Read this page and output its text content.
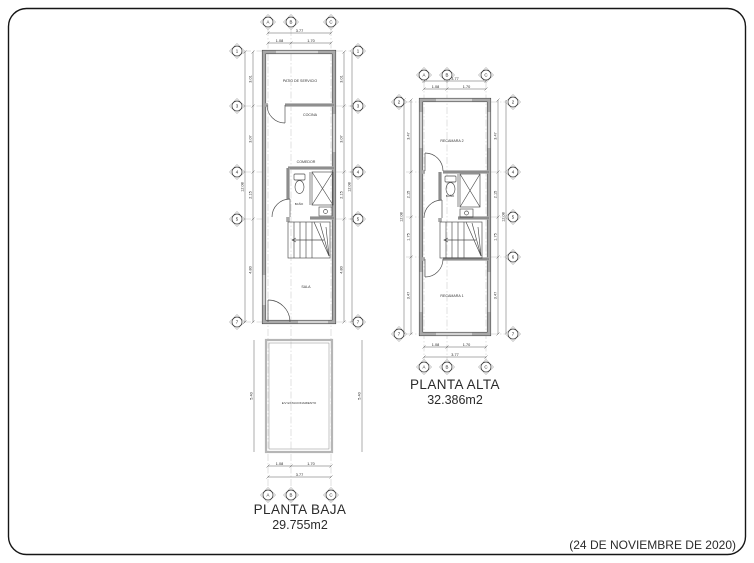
PATIO DE SERVICIO
COCINA
COMEDOR
BAÑO
SALA
E/V ESTACIONAMIENTO
3.77
1.08	1.70
1.08	1.70
3.77
12.08
3.01
3.07
2.15
4.80
3.01
3.07
2.15
4.80
12.08
5.40	5.40
A	B	C
A	B	C
1
3
4
5
7
1
3
4
5
7
PLANTA BAJA
29.755m2
RECAMARA 2
BAÑO
RECAMARA 1
3.77
1.08	1.70
1.08	1.70
3.77
12.08
3.47
2.15
1.75
3.47
3.47
2.15
1.75
3.47
12.08
A	B	C
A	B	C
2
7
2
4
5
6
7
PLANTA ALTA
32.386m2
(24 DE NOVIEMBRE DE 2020)
